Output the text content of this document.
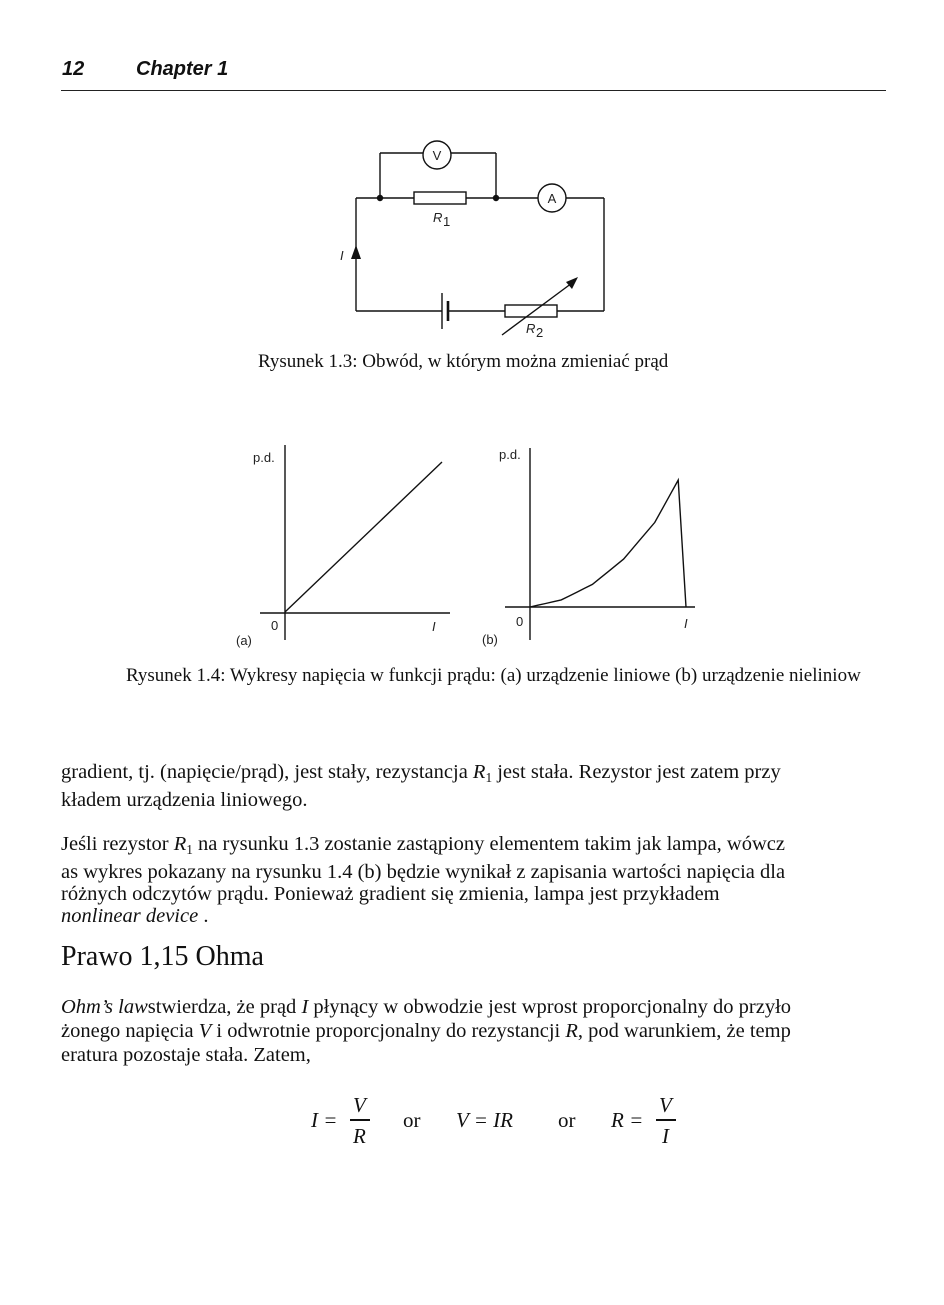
12	Chapter 1
V
A
R 1
R 2
I
Rysunek 1.3: Obwód, w którym można zmieniać prąd
p.d.
0	I
(a)
p.d.
0	I
(b)
Rysunek 1.4: Wykresy napięcia w funkcji prądu: (a) urządzenie liniowe (b) urządzenie nieliniow

gradient, tj. (napięcie/prąd), jest stały, rezystancja $R_1$ jest stała. Rezystor jest zatem przy

kładem urządzenia liniowego.

Jeśli rezystor $R_1$ na rysunku 1.3 zostanie zastąpiony elementem takim jak lampa, wówcz

as wykres pokazany na rysunku 1.4 (b) będzie wynikał z zapisania wartości napięcia dla

różnych odczytów prądu. Ponieważ gradient się zmienia, lampa jest przykładem

nonlinear device .

Prawo 1,15 Ohma

Ohm’s lawstwierdza, że prąd I płynący w obwodzie jest wprost proporcjonalny do przyło

żonego napięcia V i odwrotnie proporcjonalny do rezystancji R, pod warunkiem, że temp

eratura pozostaje stała. Zatem,

I =
V
R
or V = IR or R =
V
I
